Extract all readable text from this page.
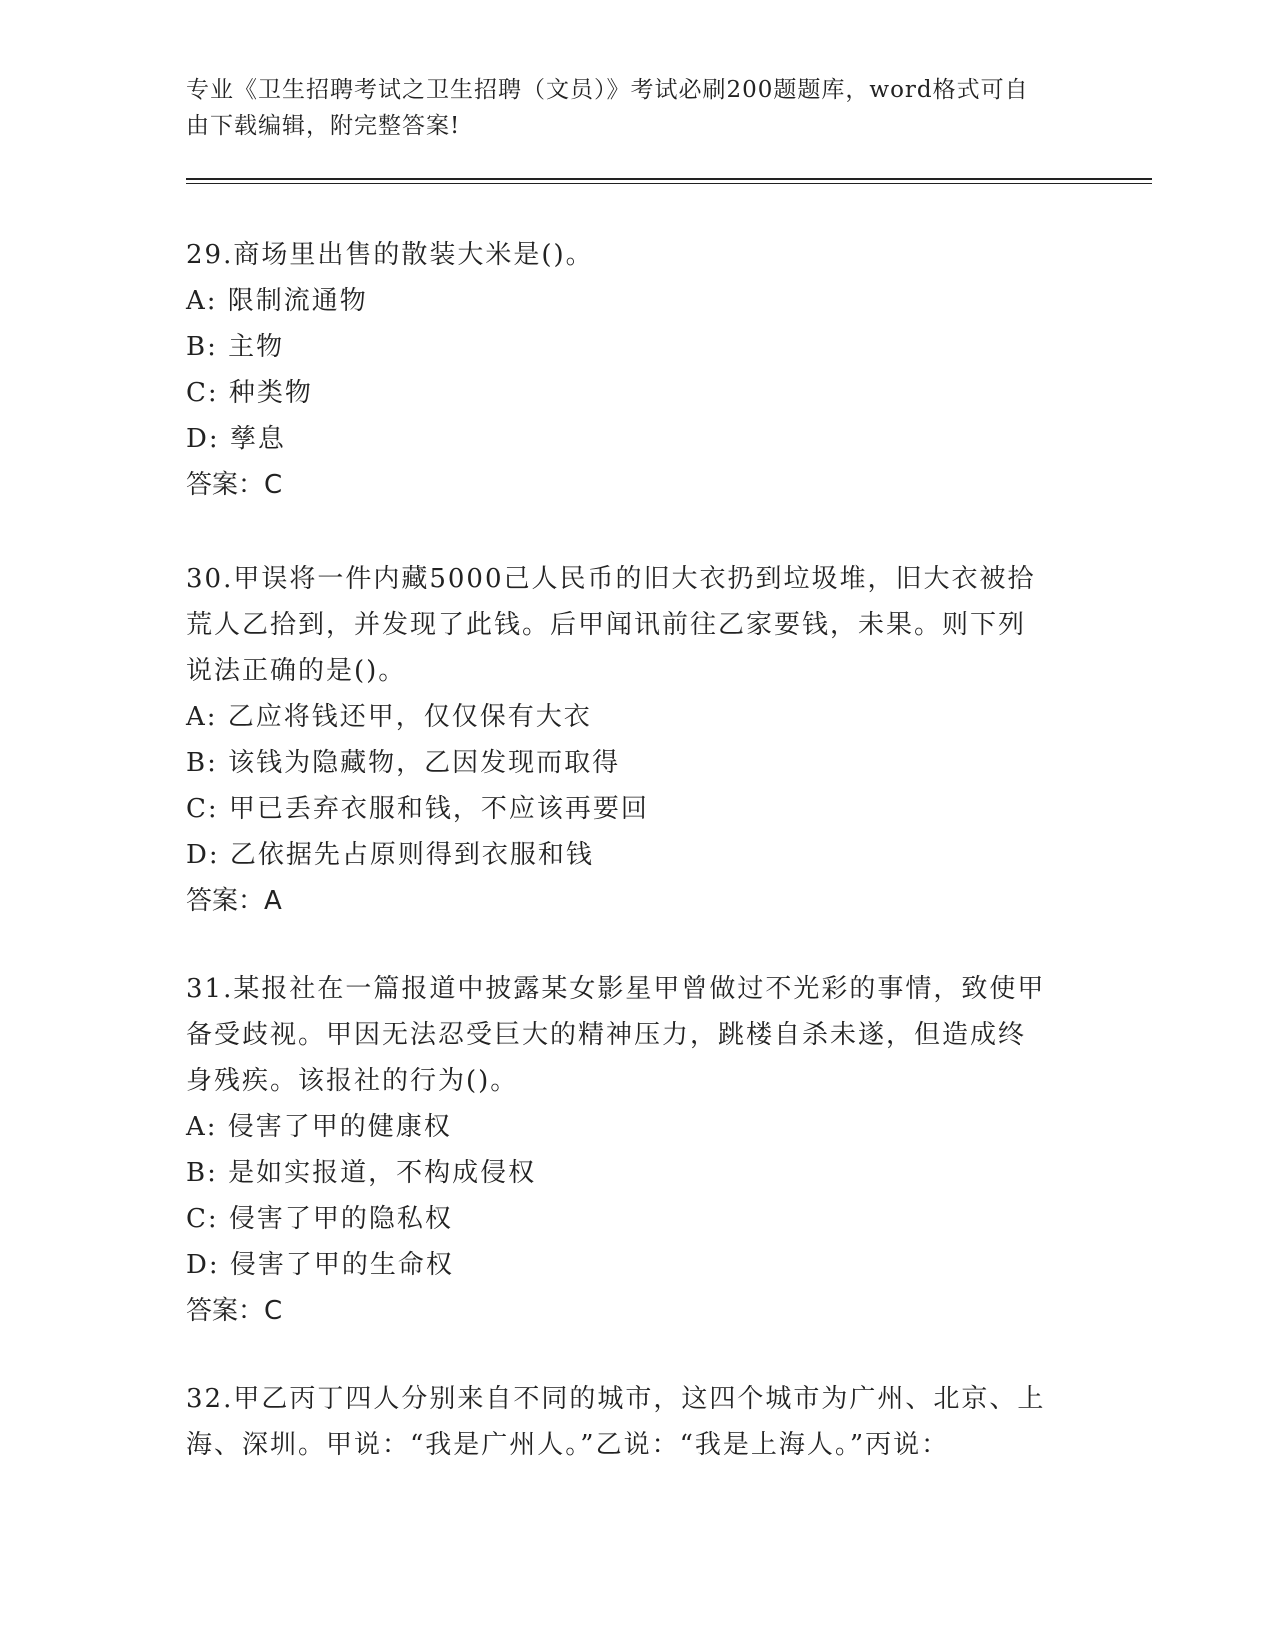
专业《卫生招聘考试之卫生招聘（文员）》考试必刷200题题库，word格式可自
由下载编辑，附完整答案!

29.商场里出售的散装大米是()。

A: 限制流通物

B: 主物

C: 种类物

D: 孳息

答案：C

30.甲误将一件内藏5000己人民币的旧大衣扔到垃圾堆，旧大衣被拾

荒人乙拾到，并发现了此钱。后甲闻讯前往乙家要钱，未果。则下列

说法正确的是()。

A: 乙应将钱还甲，仅仅保有大衣

B: 该钱为隐藏物，乙因发现而取得

C: 甲已丢弃衣服和钱，不应该再要回

D: 乙依据先占原则得到衣服和钱

答案：A

31.某报社在一篇报道中披露某女影星甲曾做过不光彩的事情，致使甲

备受歧视。甲因无法忍受巨大的精神压力，跳楼自杀未遂，但造成终

身残疾。该报社的行为()。

A: 侵害了甲的健康权

B: 是如实报道，不构成侵权

C: 侵害了甲的隐私权

D: 侵害了甲的生命权

答案：C

32.甲乙丙丁四人分别来自不同的城市，这四个城市为广州、北京、上

海、深圳。甲说：“我是广州人。”乙说：“我是上海人。”丙说：
